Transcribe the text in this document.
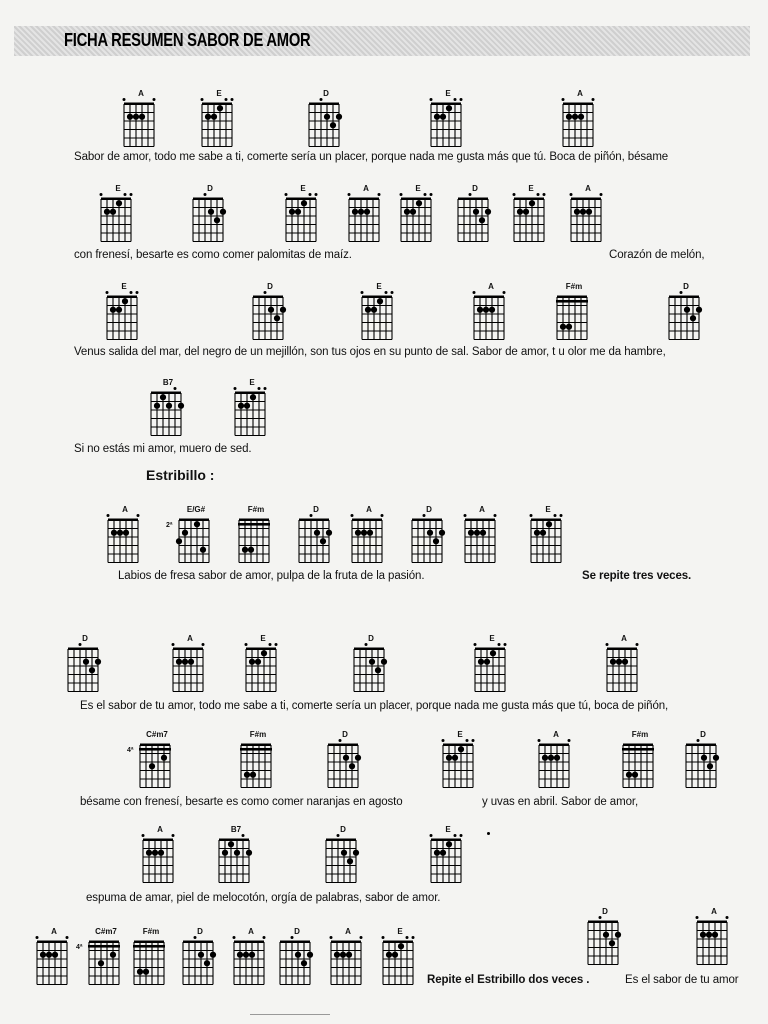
FICHA RESUMEN SABOR DE AMOR
Sabor de amor, todo me sabe a ti, comerte sería un placer, porque nada me gusta más que tú. Boca de piñón, bésame
con frenesí, besarte es como comer palomitas de maíz.	Corazón de melón,
Venus salida del mar, del negro de un mejillón, son tus ojos en su punto de sal. Sabor de amor, t u olor me da hambre,
Si no estás mi amor, muero de sed.
Estribillo :
Labios de fresa sabor de amor, pulpa de la fruta de la pasión.	Se repite tres veces.
Es el sabor de tu amor, todo me sabe a ti, comerte sería un placer, porque nada me gusta más que tú, boca de piñón,
bésame con frenesí, besarte es como comer naranjas en agosto	y uvas en abril. Sabor de amor,
espuma de amar, piel de melocotón, orgía de palabras, sabor de amor.
Repite el Estribillo dos veces .	Es el sabor de tu amor
A	E	D	E	A
E	D	E	A	E	D	E	A
E	D	E	A	F#m	D
B7	E
A	E/G#
2ª
F#m	D	A	D	A	E
D	A	E	D	E	A
C#m7
4ª
F#m	D	E	A	F#m	D
A	B7	D	E
A	C#m7
4ª
F#m	D	A	D	A	E
D	A
